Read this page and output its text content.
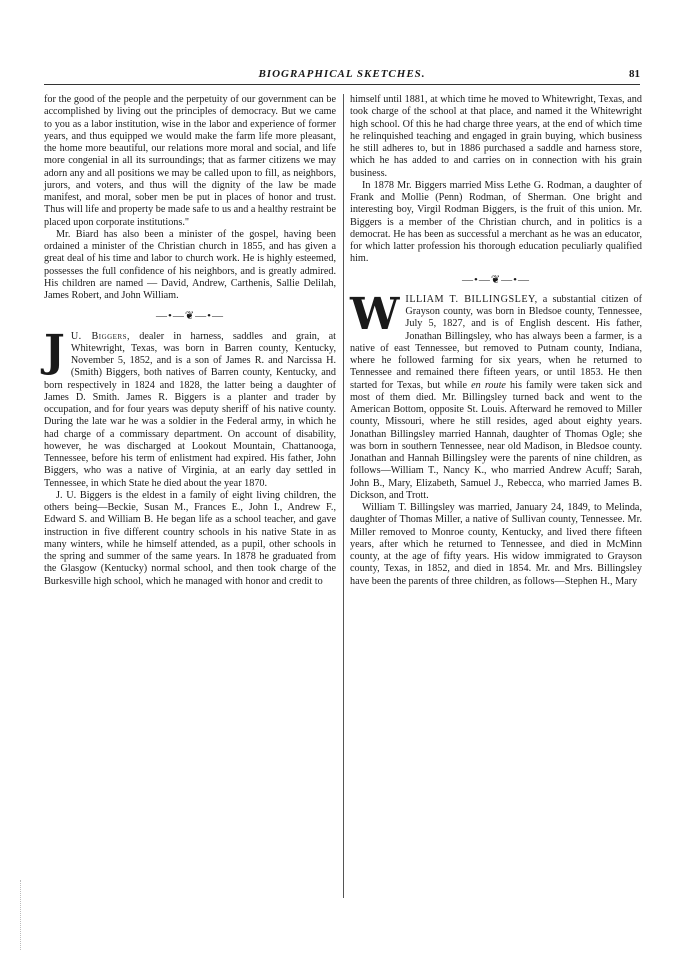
BIOGRAPHICAL SKETCHES.	81

for the good of the people and the perpetuity of our government can be accomplished by living out the principles of democracy. But we came to you as a labor institution, wise in the labor and experience of former years, and thus equipped we would make the farm life more pleasant, the home more beautiful, our relations more moral and social, and life more congenial in all its surroundings; that as farmer citizens we may adorn any and all positions we may be called upon to fill, as neighbors, jurors, and voters, and thus will the dignity of the law be made manifest, and moral, sober men be put in places of honor and trust. Thus will life and property be made safe to us and a healthy restraint be placed upon corporate institutions."

Mr. Biard has also been a minister of the gospel, having been ordained a minister of the Christian church in 1855, and has given a great deal of his time and labor to church work. He is highly esteemed, possesses the full confidence of his neighbors, and is greatly admired. His children are named — David, Andrew, Carthenis, Sallie Delilah, James Robert, and John William.

—•—❦—•—

J U. Biggers, dealer in harness, saddles and grain, at Whitewright, Texas, was born in Barren county, Kentucky, November 5, 1852, and is a son of James R. and Narcissa H. (Smith) Biggers, both natives of Barren county, Kentucky, and born respectively in 1824 and 1828, the latter being a daughter of James D. Smith. James R. Biggers is a planter and trader by occupation, and for four years was deputy sheriff of his native county. During the late war he was a soldier in the Federal army, in which he had charge of a commissary department. On account of disability, however, he was discharged at Lookout Mountain, Chattanooga, Tennessee, before his term of enlistment had expired. His father, John Biggers, who was a native of Virginia, at an early day settled in Tennessee, in which State he died about the year 1870.

J. U. Biggers is the eldest in a family of eight living children, the others being—Beckie, Susan M., Frances E., John I., Andrew F., Edward S. and William B. He began life as a school teacher, and gave instruction in five different country schools in his native State in as many winters, while he himself attended, as a pupil, other schools in the spring and summer of the same years. In 1878 he graduated from the Glasgow (Kentucky) normal school, and then took charge of the Burkesville high school, which he managed with honor and credit to

himself until 1881, at which time he moved to Whitewright, Texas, and took charge of the school at that place, and named it the Whitewright high school. Of this he had charge three years, at the end of which time he relinquished teaching and engaged in grain buying, which business he still adheres to, but in 1886 purchased a saddle and harness store, which he has added to and carries on in connection with his grain business.

In 1878 Mr. Biggers married Miss Lethe G. Rodman, a daughter of Frank and Mollie (Penn) Rodman, of Sherman. One bright and interesting boy, Virgil Rodman Biggers, is the fruit of this union. Mr. Biggers is a member of the Christian church, and in politics is a democrat. He has been as successful a merchant as he was an educator, for which latter profession his thorough education peculiarly qualified him.

—•—❦—•—

WILLIAM T. BILLINGSLEY, a substantial citizen of Grayson county, was born in Bledsoe county, Tennessee, July 5, 1827, and is of English descent. His father, Jonathan Billingsley, who has always been a farmer, is a native of east Tennessee, but removed to Putnam county, Indiana, where he followed farming for six years, when he returned to Tennessee and remained there fifteen years, or until 1853. He then started for Texas, but while en route his family were taken sick and most of them died. Mr. Billingsley turned back and went to the American Bottom, opposite St. Louis. Afterward he removed to Miller county, Missouri, where he still resides, aged about eighty years. Jonathan Billingsley married Hannah, daughter of Thomas Ogle; she was born in southern Tennessee, near old Madison, in Bledsoe county. Jonathan and Hannah Billingsley were the parents of nine children, as follows—William T., Nancy K., who married Andrew Acuff; Sarah, John B., Mary, Elizabeth, Samuel J., Rebecca, who married James B. Dickson, and Trott.

William T. Billingsley was married, January 24, 1849, to Melinda, daughter of Thomas Miller, a native of Sullivan county, Tennessee. Mr. Miller removed to Monroe county, Kentucky, and lived there fifteen years, after which he returned to Tennessee, and died in McMinn county, at the age of fifty years. His widow immigrated to Grayson county, Texas, in 1852, and died in 1854. Mr. and Mrs. Billingsley have been the parents of three children, as follows—Stephen H., Mary
